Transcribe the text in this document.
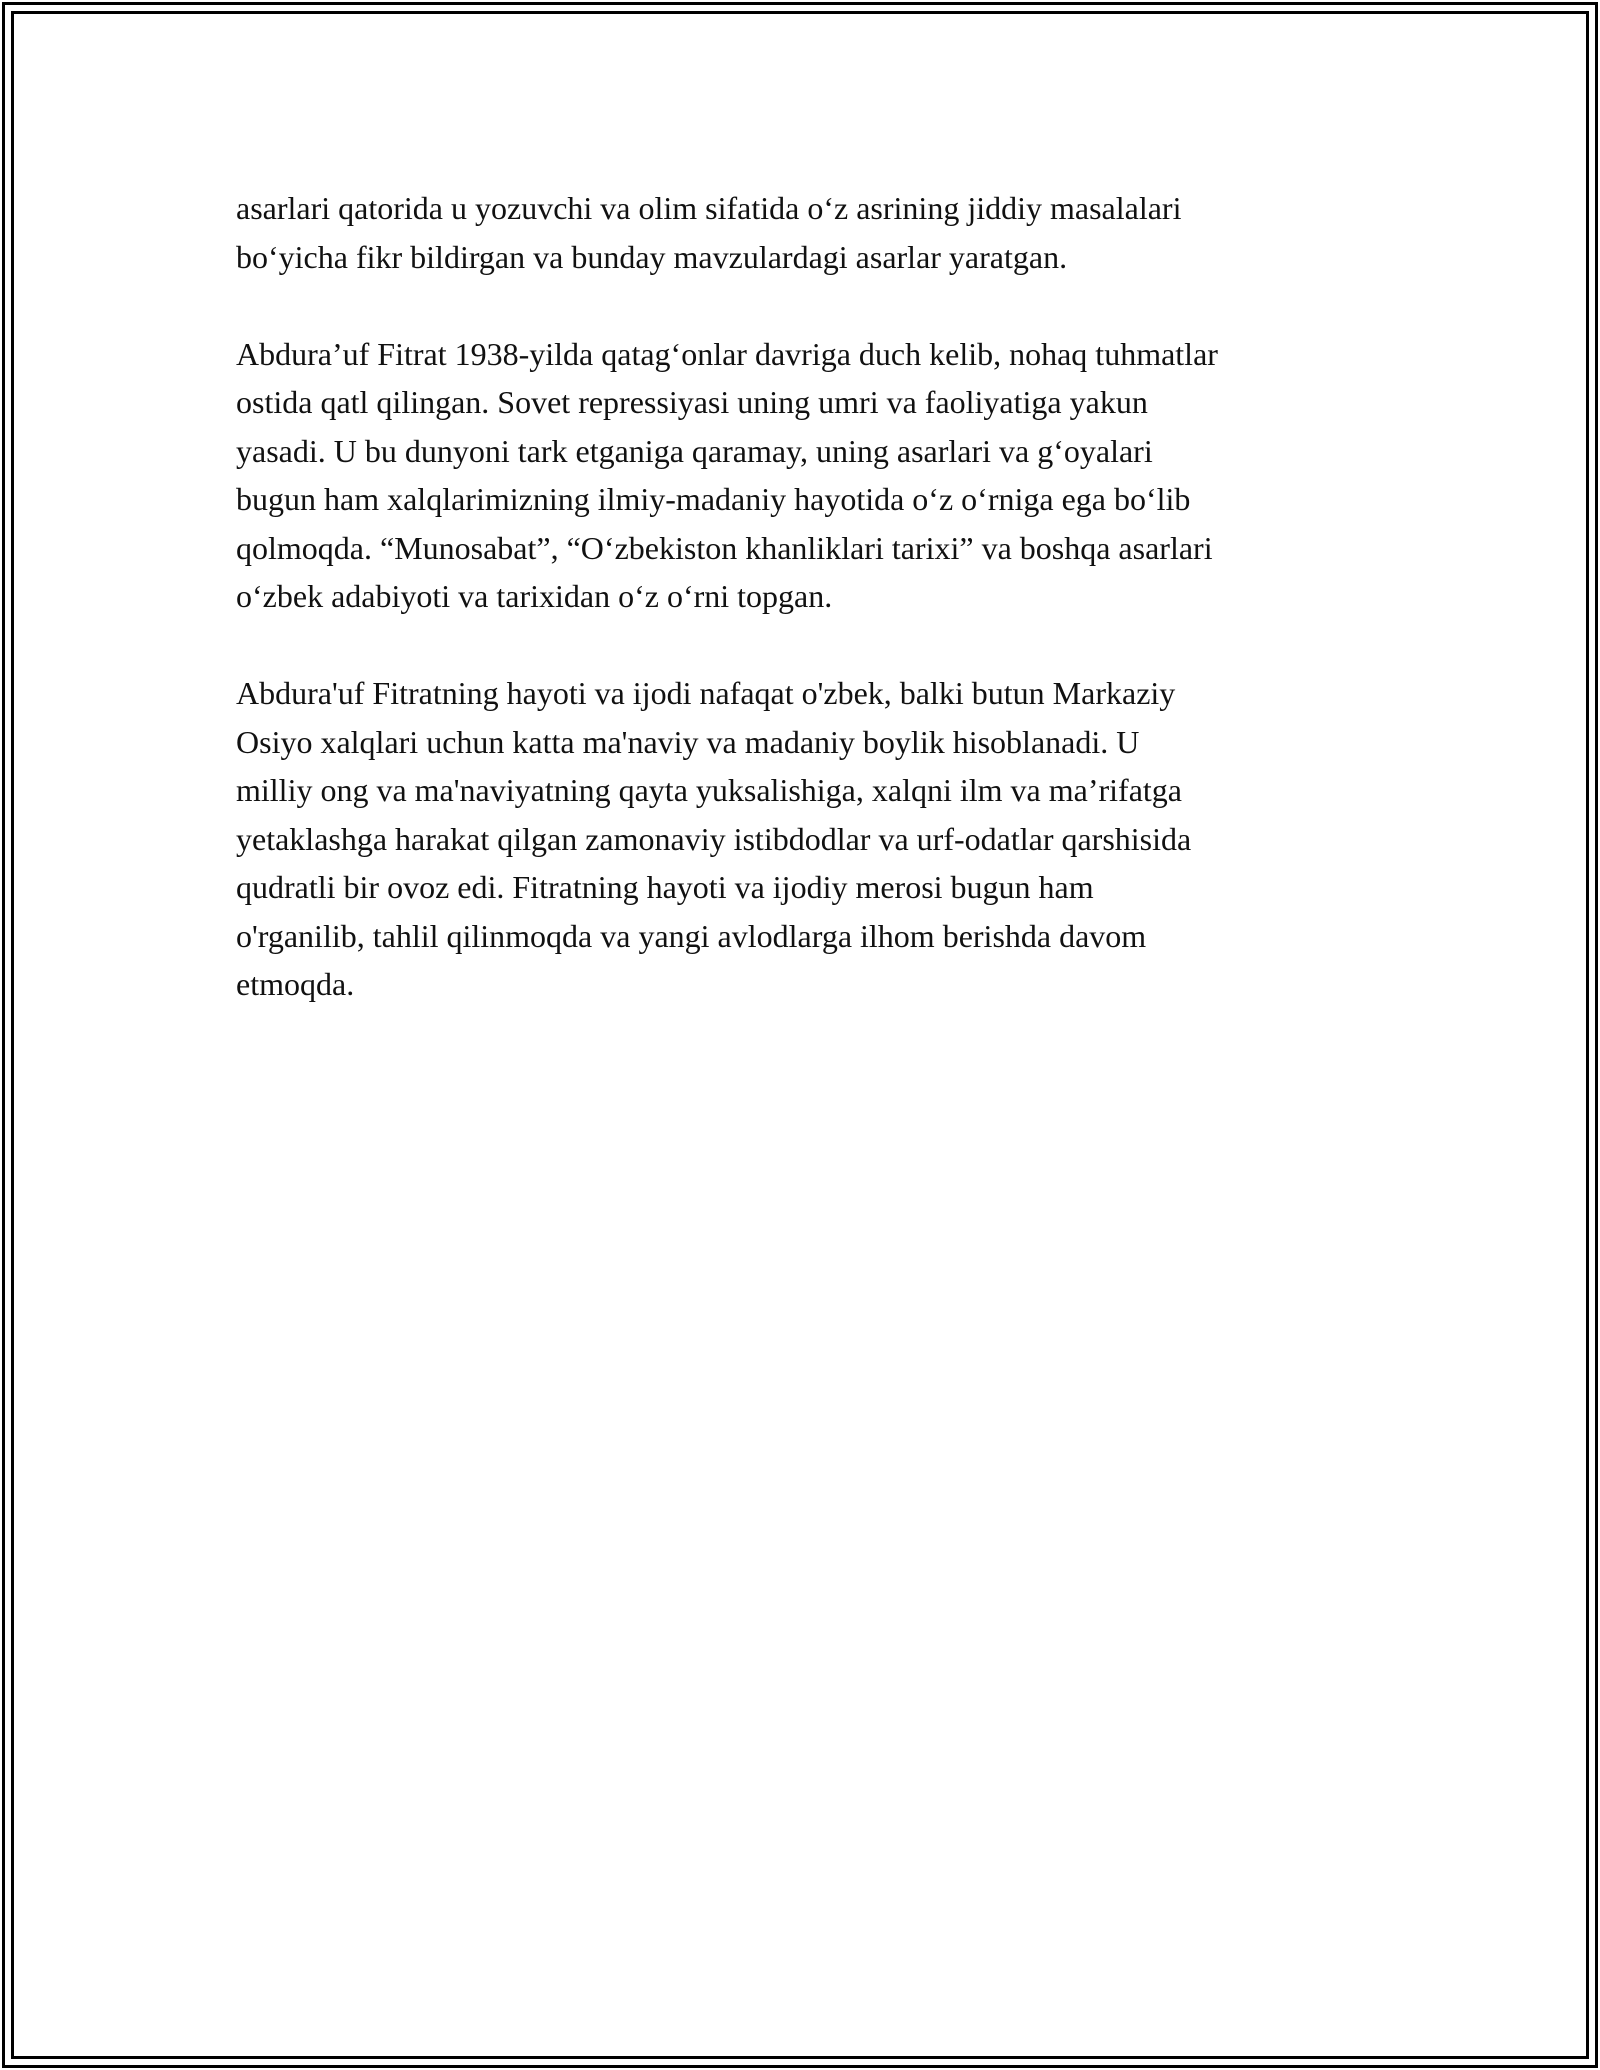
asarlari qatorida u yozuvchi va olim sifatida o‘z asrining jiddiy masalalari
bo‘yicha fikr bildirgan va bunday mavzulardagi asarlar yaratgan.

Abdura’uf Fitrat 1938-yilda qatag‘onlar davriga duch kelib, nohaq tuhmatlar
ostida qatl qilingan. Sovet repressiyasi uning umri va faoliyatiga yakun
yasadi. U bu dunyoni tark etganiga qaramay, uning asarlari va g‘oyalari
bugun ham xalqlarimizning ilmiy-madaniy hayotida o‘z o‘rniga ega bo‘lib
qolmoqda. “Munosabat”, “O‘zbekiston khanliklari tarixi” va boshqa asarlari
o‘zbek adabiyoti va tarixidan o‘z o‘rni topgan.

Abdura'uf Fitratning hayoti va ijodi nafaqat o'zbek, balki butun Markaziy
Osiyo xalqlari uchun katta ma'naviy va madaniy boylik hisoblanadi. U
milliy ong va ma'naviyatning qayta yuksalishiga, xalqni ilm va ma’rifatga
yetaklashga harakat qilgan zamonaviy istibdodlar va urf-odatlar qarshisida
qudratli bir ovoz edi. Fitratning hayoti va ijodiy merosi bugun ham
o'rganilib, tahlil qilinmoqda va yangi avlodlarga ilhom berishda davom
etmoqda.
